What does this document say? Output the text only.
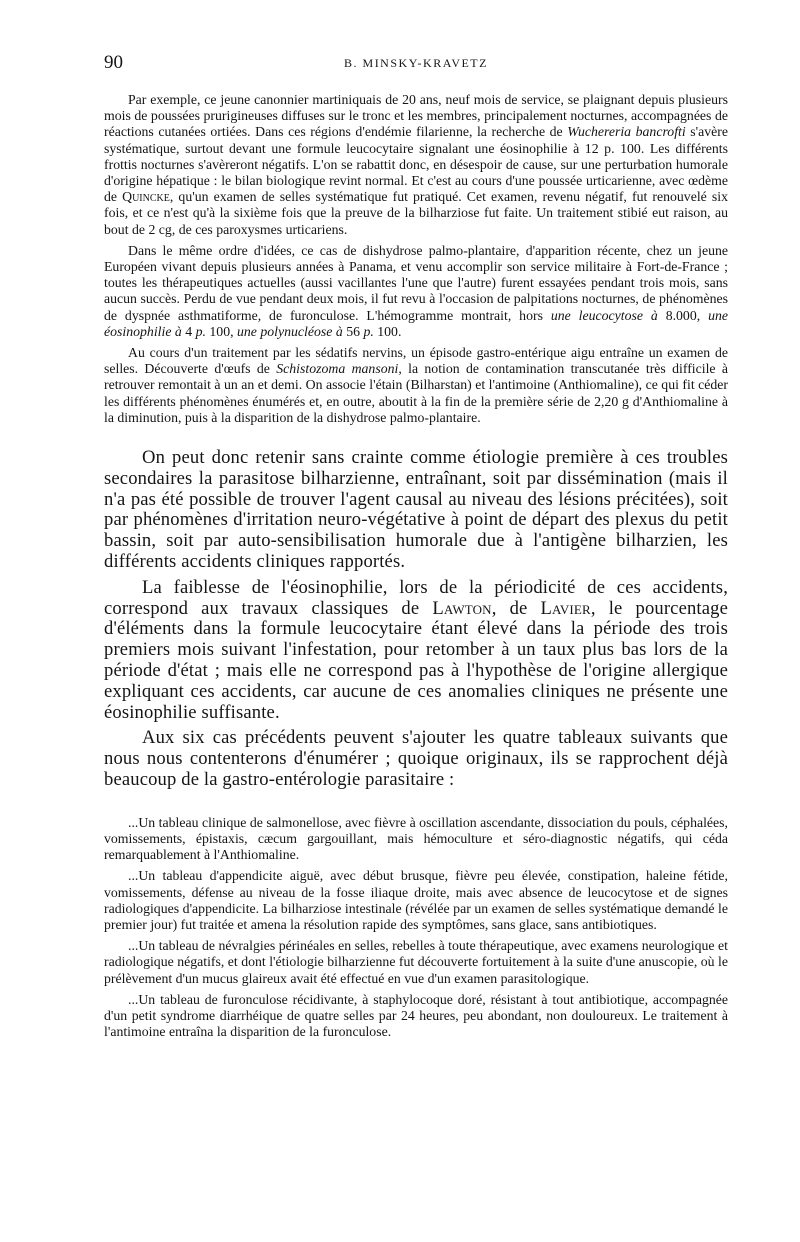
90	B. MINSKY-KRAVETZ

Par exemple, ce jeune canonnier martiniquais de 20 ans, neuf mois de service, se plaignant depuis plusieurs mois de poussées prurigineuses diffuses sur le tronc et les membres, principalement nocturnes, accompagnées de réactions cutanées ortiées. Dans ces régions d'endémie filarienne, la recherche de Wuchereria bancrofti s'avère systématique, surtout devant une formule leucocytaire signalant une éosinophilie à 12 p. 100. Les différents frottis nocturnes s'avèreront négatifs. L'on se rabattit donc, en désespoir de cause, sur une perturbation humorale d'origine hépatique : le bilan biologique revint normal. Et c'est au cours d'une poussée urticarienne, avec œdème de Quincke, qu'un examen de selles systématique fut pratiqué. Cet examen, revenu négatif, fut renouvelé six fois, et ce n'est qu'à la sixième fois que la preuve de la bilharziose fut faite. Un traitement stibié eut raison, au bout de 2 cg, de ces paroxysmes urticariens.

Dans le même ordre d'idées, ce cas de dishydrose palmo-plantaire, d'apparition récente, chez un jeune Européen vivant depuis plusieurs années à Panama, et venu accomplir son service militaire à Fort-de-France ; toutes les thérapeutiques actuelles (aussi vacillantes l'une que l'autre) furent essayées pendant trois mois, sans aucun succès. Perdu de vue pendant deux mois, il fut revu à l'occasion de palpitations nocturnes, de phénomènes de dyspnée asthmatiforme, de furonculose. L'hémogramme montrait, hors une leucocytose à 8.000, une éosinophilie à 4 p. 100, une polynucléose à 56 p. 100.

Au cours d'un traitement par les sédatifs nervins, un épisode gastro-entérique aigu entraîne un examen de selles. Découverte d'œufs de Schistozoma mansoni, la notion de contamination transcutanée très difficile à retrouver remontait à un an et demi. On associe l'étain (Bilharstan) et l'antimoine (Anthiomaline), ce qui fit céder les différents phénomènes énumérés et, en outre, aboutit à la fin de la première série de 2,20 g d'Anthiomaline à la diminution, puis à la disparition de la dishydrose palmo-plantaire.

On peut donc retenir sans crainte comme étiologie première à ces troubles secondaires la parasitose bilharzienne, entraînant, soit par dissémination (mais il n'a pas été possible de trouver l'agent causal au niveau des lésions précitées), soit par phénomènes d'irritation neuro-végétative à point de départ des plexus du petit bassin, soit par auto-sensibilisation humorale due à l'antigène bilharzien, les différents accidents cliniques rapportés.

La faiblesse de l'éosinophilie, lors de la périodicité de ces accidents, correspond aux travaux classiques de Lawton, de Lavier, le pourcentage d'éléments dans la formule leucocytaire étant élevé dans la période des trois premiers mois suivant l'infestation, pour retomber à un taux plus bas lors de la période d'état ; mais elle ne correspond pas à l'hypothèse de l'origine allergique expliquant ces accidents, car aucune de ces anomalies cliniques ne présente une éosinophilie suffisante.

Aux six cas précédents peuvent s'ajouter les quatre tableaux suivants que nous nous contenterons d'énumérer ; quoique originaux, ils se rapprochent déjà beaucoup de la gastro-entérologie parasitaire :

...Un tableau clinique de salmonellose, avec fièvre à oscillation ascendante, dissociation du pouls, céphalées, vomissements, épistaxis, cæcum gargouillant, mais hémoculture et séro-diagnostic négatifs, qui céda remarquablement à l'Anthiomaline.

...Un tableau d'appendicite aiguë, avec début brusque, fièvre peu élevée, constipation, haleine fétide, vomissements, défense au niveau de la fosse iliaque droite, mais avec absence de leucocytose et de signes radiologiques d'appendicite. La bilharziose intestinale (révélée par un examen de selles systématique demandé le premier jour) fut traitée et amena la résolution rapide des symptômes, sans glace, sans antibiotiques.

...Un tableau de névralgies périnéales en selles, rebelles à toute thérapeutique, avec examens neurologique et radiologique négatifs, et dont l'étiologie bilharzienne fut découverte fortuitement à la suite d'une anuscopie, où le prélèvement d'un mucus glaireux avait été effectué en vue d'un examen parasitologique.

...Un tableau de furonculose récidivante, à staphylocoque doré, résistant à tout antibiotique, accompagnée d'un petit syndrome diarrhéique de quatre selles par 24 heures, peu abondant, non douloureux. Le traitement à l'antimoine entraîna la disparition de la furonculose.
